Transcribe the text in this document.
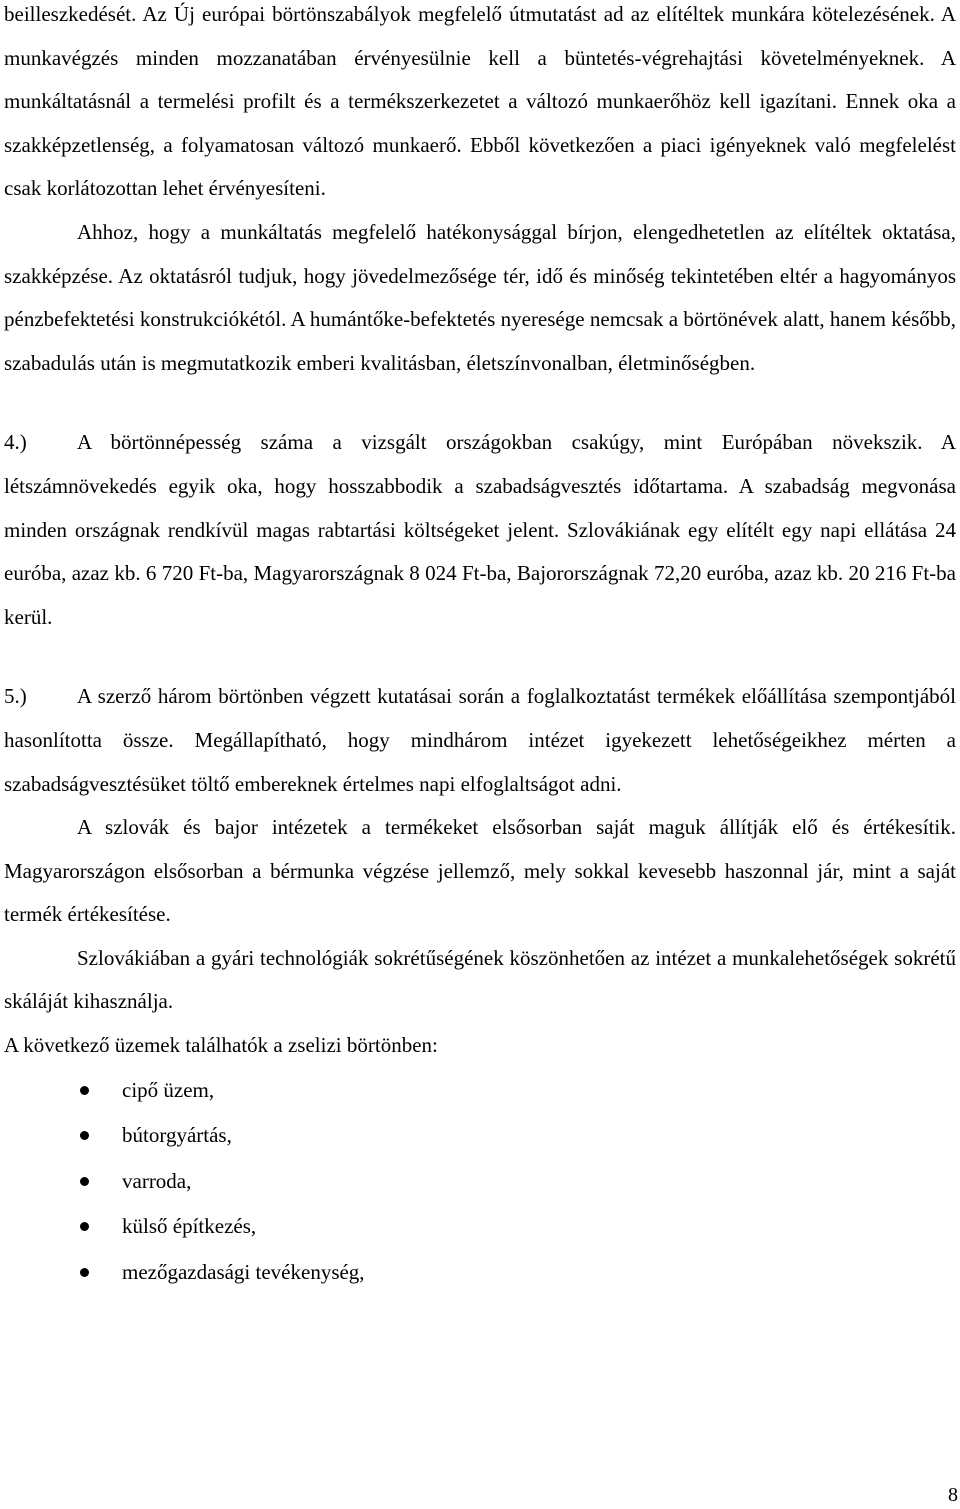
beilleszkedését. Az Új európai börtönszabályok megfelelő útmutatást ad az elítéltek munkára kötelezésének. A munkavégzés minden mozzanatában érvényesülnie kell a büntetés-végrehajtási követelményeknek. A munkáltatásnál a termelési profilt és a termékszerkezetet a változó munkaerőhöz kell igazítani. Ennek oka a szakképzetlenség, a folyamatosan változó munkaerő. Ebből következően a piaci igényeknek való megfelelést csak korlátozottan lehet érvényesíteni.

Ahhoz, hogy a munkáltatás megfelelő hatékonysággal bírjon, elengedhetetlen az elítéltek oktatása, szakképzése. Az oktatásról tudjuk, hogy jövedelmezősége tér, idő és minőség tekintetében eltér a hagyományos pénzbefektetési konstrukciókétól. A humántőke-befektetés nyeresége nemcsak a börtönévek alatt, hanem később, szabadulás után is megmutatkozik emberi kvalitásban, életszínvonalban, életminőségben.

4.) A börtönnépesség száma a vizsgált országokban csakúgy, mint Európában növekszik. A létszámnövekedés egyik oka, hogy hosszabbodik a szabadságvesztés időtartama. A szabadság megvonása minden országnak rendkívül magas rabtartási költségeket jelent. Szlovákiának egy elítélt egy napi ellátása 24 euróba, azaz kb. 6 720 Ft-ba, Magyarországnak 8 024 Ft-ba, Bajorországnak 72,20 euróba, azaz kb. 20 216 Ft-ba kerül.

5.) A szerző három börtönben végzett kutatásai során a foglalkoztatást termékek előállítása szempontjából hasonlította össze. Megállapítható, hogy mindhárom intézet igyekezett lehetőségeikhez mérten a szabadságvesztésüket töltő embereknek értelmes napi elfoglaltságot adni.

A szlovák és bajor intézetek a termékeket elsősorban saját maguk állítják elő és értékesítik. Magyarországon elsősorban a bérmunka végzése jellemző, mely sokkal kevesebb haszonnal jár, mint a saját termék értékesítése.

Szlovákiában a gyári technológiák sokrétűségének köszönhetően az intézet a munkalehetőségek sokrétű skáláját kihasználja.

A következő üzemek találhatók a zselizi börtönben:

cipő üzem,
bútorgyártás,
varroda,
külső építkezés,
mezőgazdasági tevékenység,
8
